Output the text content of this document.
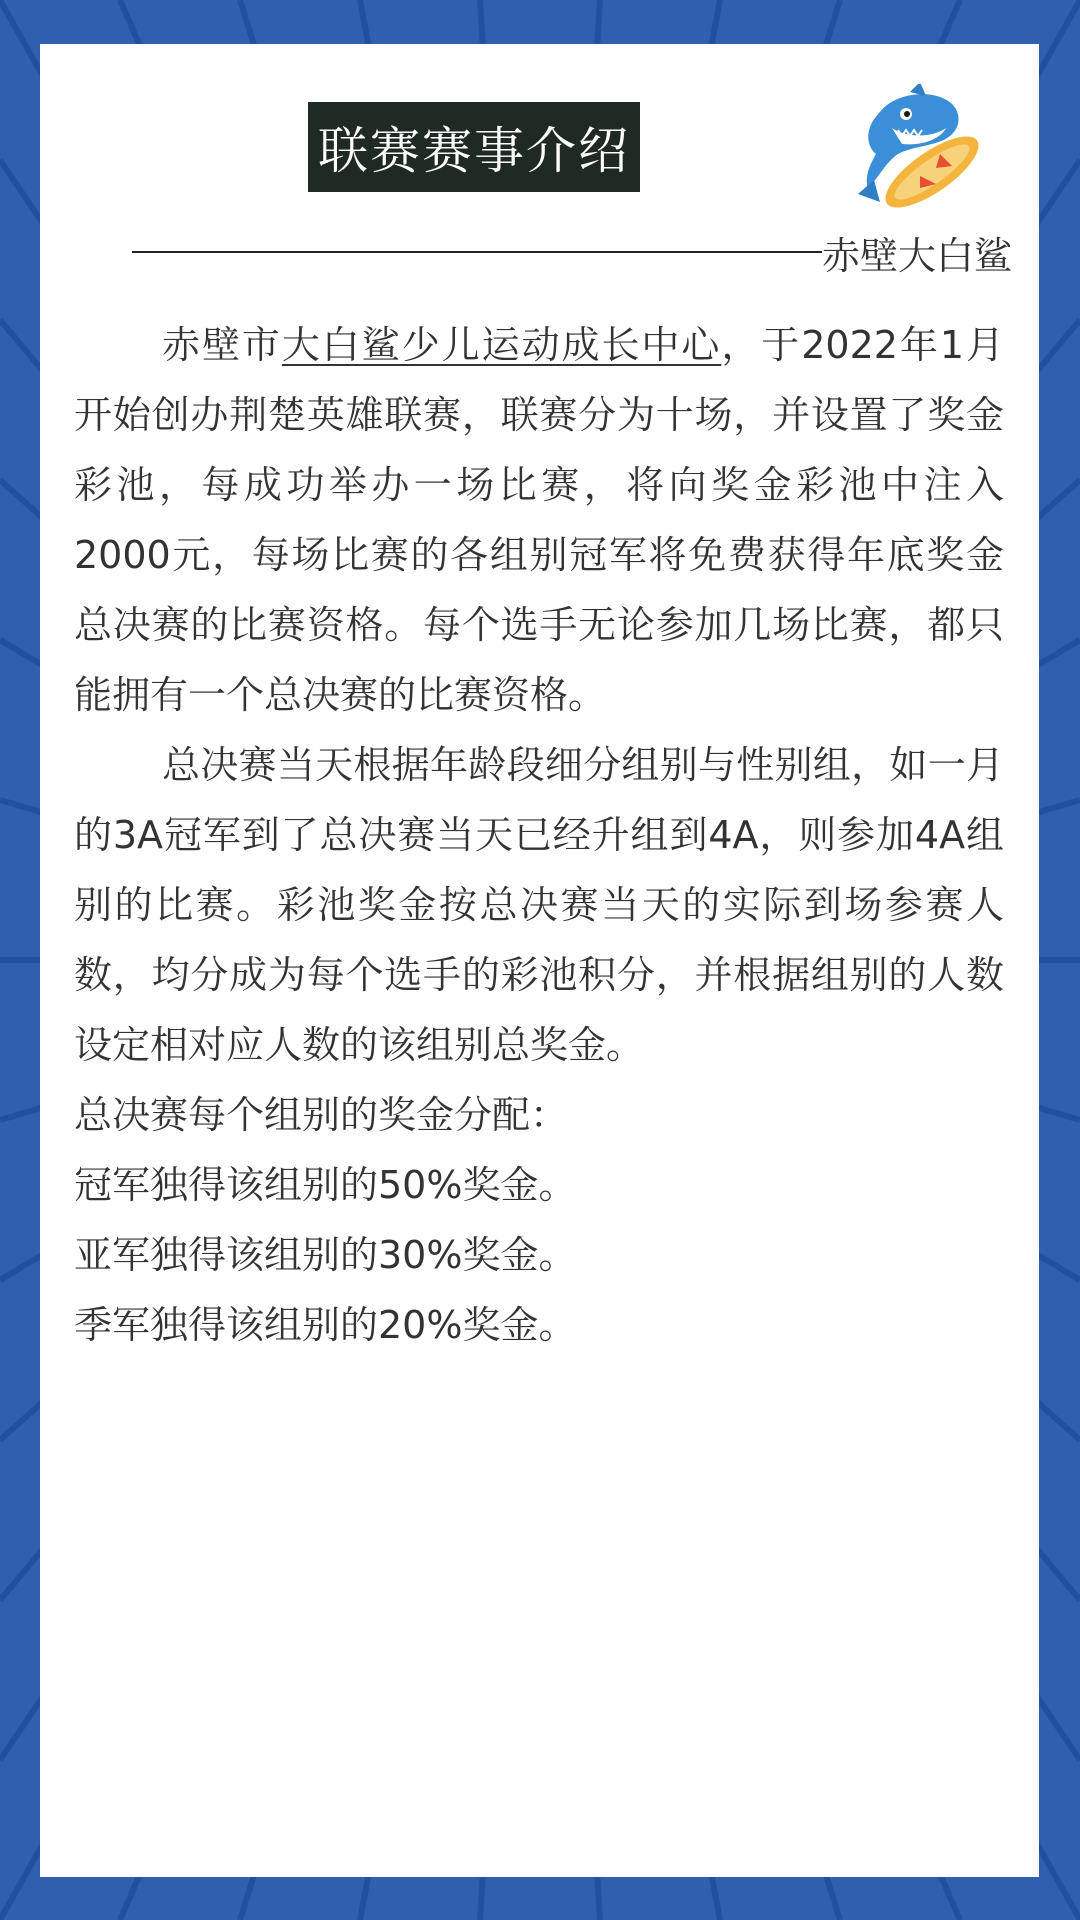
联赛赛事介绍
赤壁大白鲨

赤壁市大白鲨少儿运动成长中心，于2022年1月开始创办荆楚英雄联赛，联赛分为十场，并设置了奖金彩池，每成功举办一场比赛，将向奖金彩池中注入2000元，每场比赛的各组别冠军将免费获得年底奖金总决赛的比赛资格。每个选手无论参加几场比赛，都只能拥有一个总决赛的比赛资格。

总决赛当天根据年龄段细分组别与性别组，如一月的3A冠军到了总决赛当天已经升组到4A，则参加4A组别的比赛。彩池奖金按总决赛当天的实际到场参赛人数，均分成为每个选手的彩池积分，并根据组别的人数设定相对应人数的该组别总奖金。

总决赛每个组别的奖金分配：

冠军独得该组别的50%奖金。

亚军独得该组别的30%奖金。

季军独得该组别的20%奖金。
